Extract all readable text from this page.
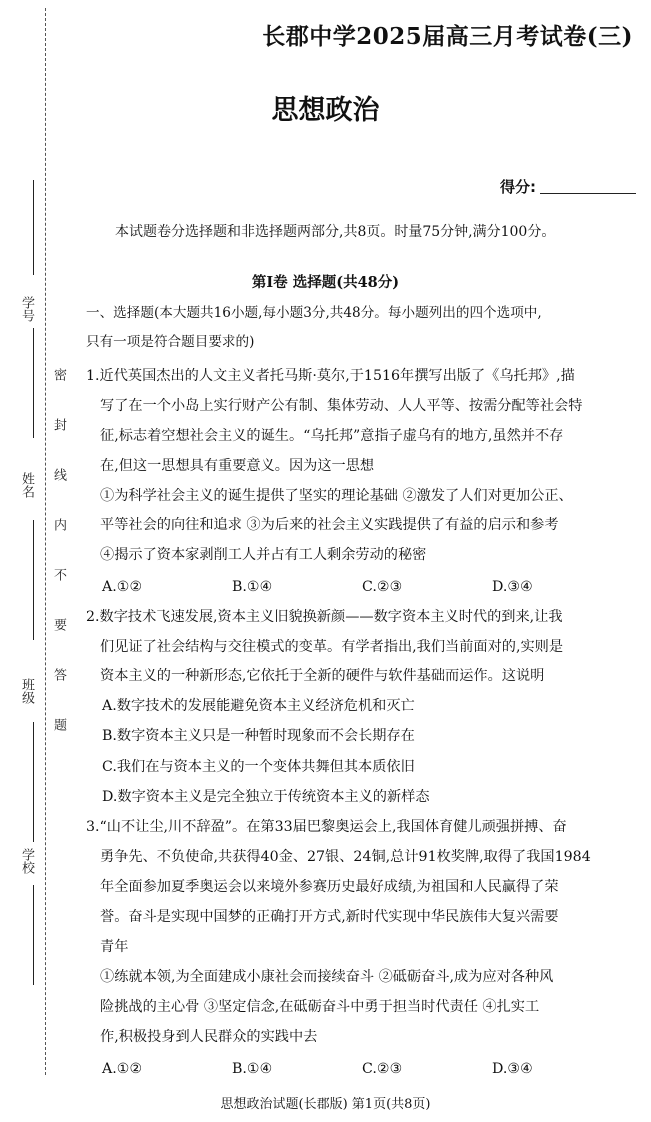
学号
姓名
班级
学校
密封线内不要答题
长郡中学2025届高三月考试卷(三)
思想政治
得分:
本试题卷分选择题和非选择题两部分,共8页。时量75分钟,满分100分。
第Ⅰ卷 选择题(共48分)
一、选择题(本大题共16小题,每小题3分,共48分。每小题列出的四个选项中,
只有一项是符合题目要求的)
1.近代英国杰出的人文主义者托马斯·莫尔,于1516年撰写出版了《乌托邦》,描
写了在一个小岛上实行财产公有制、集体劳动、人人平等、按需分配等社会特
征,标志着空想社会主义的诞生。“乌托邦”意指子虚乌有的地方,虽然并不存
在,但这一思想具有重要意义。因为这一思想
①为科学社会主义的诞生提供了坚实的理论基础 ②激发了人们对更加公正、
平等社会的向往和追求 ③为后来的社会主义实践提供了有益的启示和参考
④揭示了资本家剥削工人并占有工人剩余劳动的秘密
A.①②	B.①④	C.②③	D.③④
2.数字技术飞速发展,资本主义旧貌换新颜——数字资本主义时代的到来,让我
们见证了社会结构与交往模式的变革。有学者指出,我们当前面对的,实则是
资本主义的一种新形态,它依托于全新的硬件与软件基础而运作。这说明
A.数字技术的发展能避免资本主义经济危机和灭亡
B.数字资本主义只是一种暂时现象而不会长期存在
C.我们在与资本主义的一个变体共舞但其本质依旧
D.数字资本主义是完全独立于传统资本主义的新样态
3.“山不让尘,川不辞盈”。在第33届巴黎奥运会上,我国体育健儿顽强拼搏、奋
勇争先、不负使命,共获得40金、27银、24铜,总计91枚奖牌,取得了我国1984
年全面参加夏季奥运会以来境外参赛历史最好成绩,为祖国和人民赢得了荣
誉。奋斗是实现中国梦的正确打开方式,新时代实现中华民族伟大复兴需要
青年
①练就本领,为全面建成小康社会而接续奋斗 ②砥砺奋斗,成为应对各种风
险挑战的主心骨 ③坚定信念,在砥砺奋斗中勇于担当时代责任 ④扎实工
作,积极投身到人民群众的实践中去
A.①②	B.①④	C.②③	D.③④
思想政治试题(长郡版) 第1页(共8页)
